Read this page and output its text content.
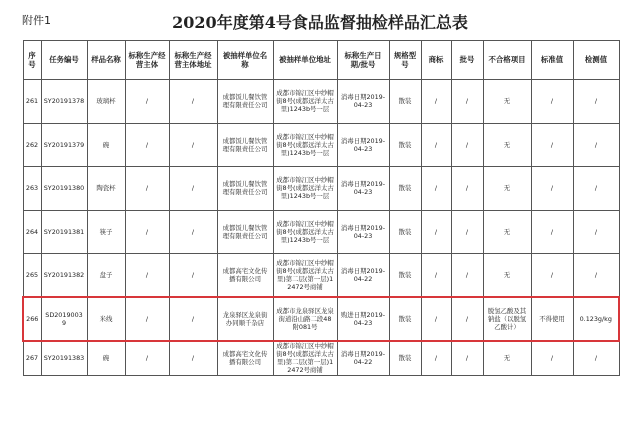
附件1	2020年度第4号食品监督抽检样品汇总表
序号	任务编号	样品名称	标称生产经营主体	标称生产经营主体地址	被抽样单位名称	被抽样单位地址	标称生产日期/批号	规格型号	商标	批号	不合格项目	标准值	检测值
261	SY20191378	玻璃杯	/	/	成都饭儿餐饮管理有限责任公司	成都市锦江区中纱帽街8号(成都远洋太古里)1243b号一层	消毒日期2019-04-23	散装	/	/	无	/	/
262	SY20191379	碗	/	/	成都饭儿餐饮管理有限责任公司	成都市锦江区中纱帽街8号(成都远洋太古里)1243b号一层	消毒日期2019-04-23	散装	/	/	无	/	/
263	SY20191380	陶瓷杯	/	/	成都饭儿餐饮管理有限责任公司	成都市锦江区中纱帽街8号(成都远洋太古里)1243b号一层	消毒日期2019-04-23	散装	/	/	无	/	/
264	SY20191381	筷子	/	/	成都饭儿餐饮管理有限责任公司	成都市锦江区中纱帽街8号(成都远洋太古里)1243b号一层	消毒日期2019-04-23	散装	/	/	无	/	/
265	SY20191382	盘子	/	/	成都高宅文化传播有限公司	成都市锦江区中纱帽街8号(成都远洋太古里)第二层(第一层)12472号商铺	消毒日期2019-04-22	散装	/	/	无	/	/
266	SD20190039	米线	/	/	龙泉驿区龙泉街办同顺千杂店	成都市龙泉驿区龙泉街道沿山路二段48附081号	购进日期2019-04-23	散装	/	/	脱氢乙酸及其钠盐（以脱氢乙酸计）	不得使用	0.123g/kg
267	SY20191383	碗	/	/	成都高宅文化传播有限公司	成都市锦江区中纱帽街8号(成都远洋太古里)第二层(第一层)12472号商铺	消毒日期2019-04-22	散装	/	/	无	/	/
